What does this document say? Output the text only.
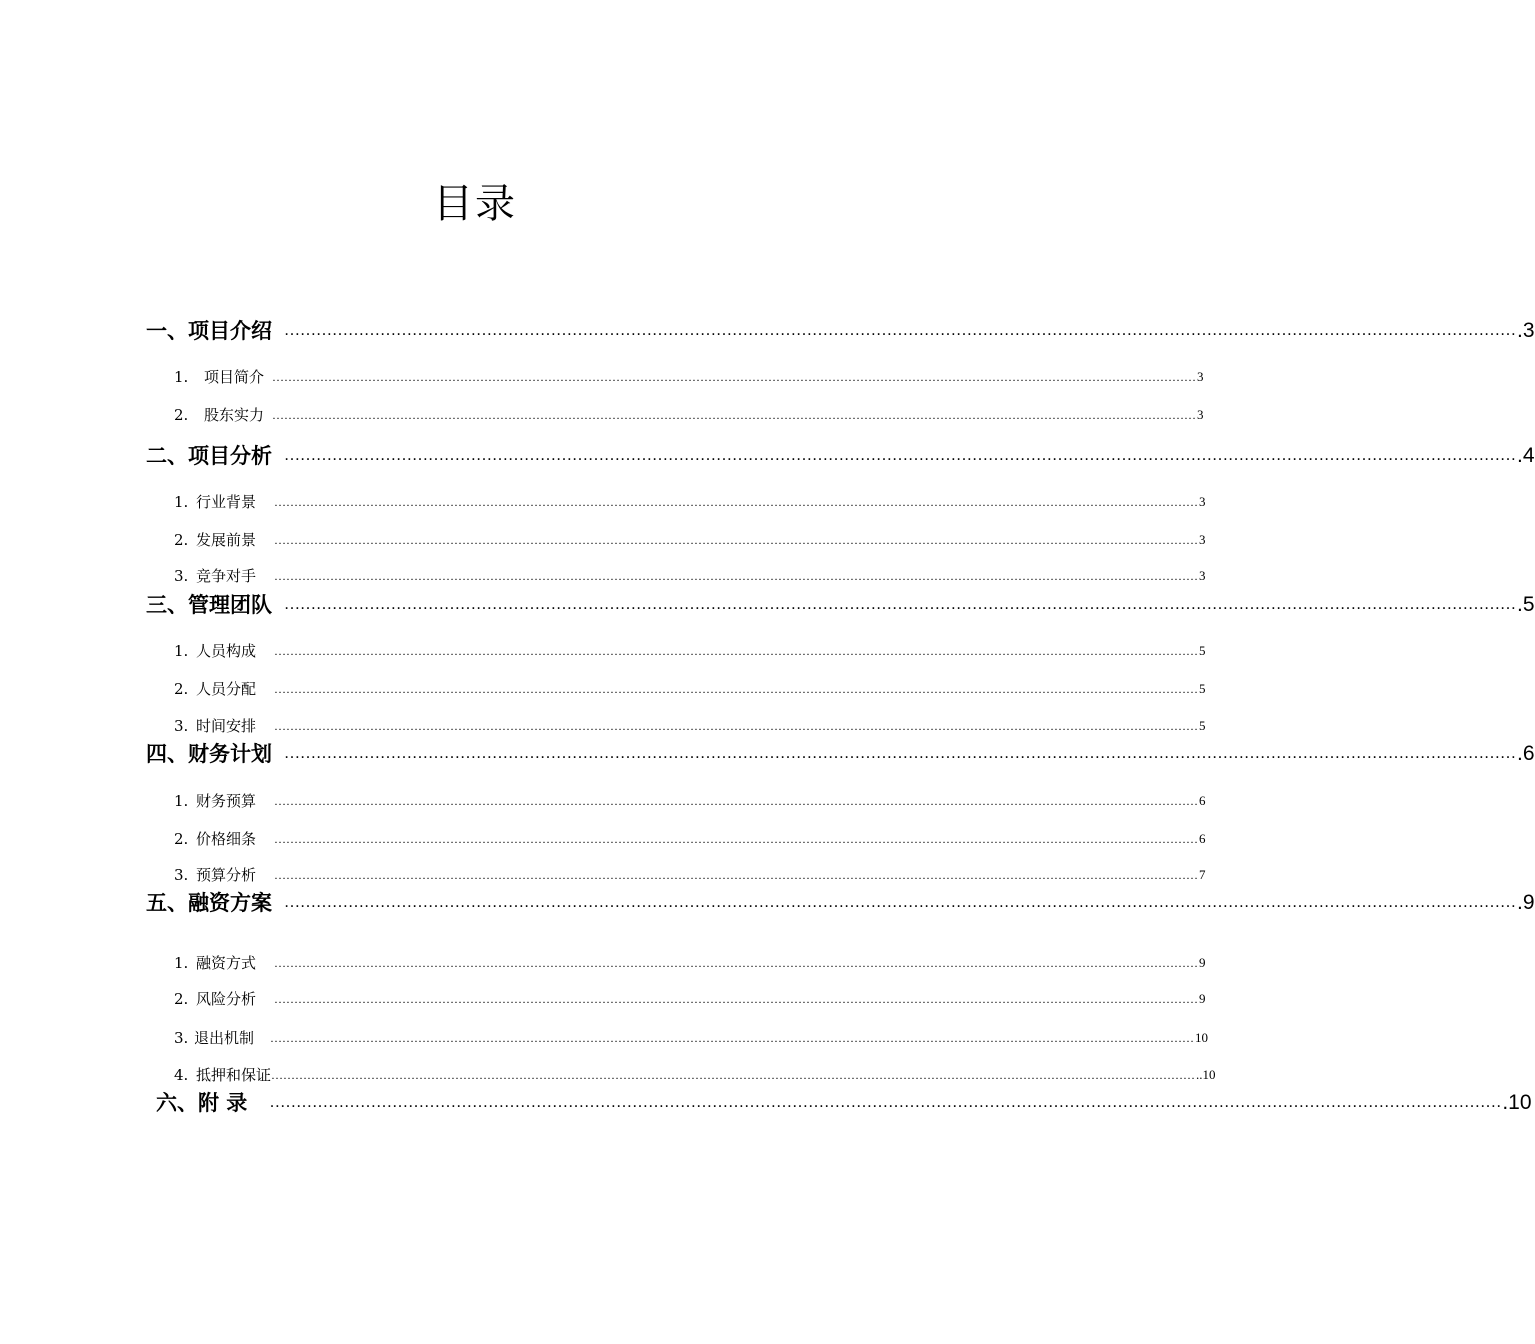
目录
一、项目介绍 …………………………………………………………………………………………………………………………………………………………………………………………………………… .3
1. 项目简介 …………………………………………………………………………………………………………………………………………………………………………………………………………… 3
2. 股东实力 …………………………………………………………………………………………………………………………………………………………………………………………………………… 3
二、项目分析 …………………………………………………………………………………………………………………………………………………………………………………………………………… .4
1. 行业背景 …………………………………………………………………………………………………………………………………………………………………………………………………………… 3
2. 发展前景 …………………………………………………………………………………………………………………………………………………………………………………………………………… 3
3. 竞争对手 …………………………………………………………………………………………………………………………………………………………………………………………………………… 3
三、管理团队 …………………………………………………………………………………………………………………………………………………………………………………………………………… .5
1. 人员构成 …………………………………………………………………………………………………………………………………………………………………………………………………………… 5
2. 人员分配 …………………………………………………………………………………………………………………………………………………………………………………………………………… 5
3. 时间安排 …………………………………………………………………………………………………………………………………………………………………………………………………………… 5
四、财务计划 …………………………………………………………………………………………………………………………………………………………………………………………………………… .6
1. 财务预算 …………………………………………………………………………………………………………………………………………………………………………………………………………… 6
2. 价格细条 …………………………………………………………………………………………………………………………………………………………………………………………………………… 6
3. 预算分析 …………………………………………………………………………………………………………………………………………………………………………………………………………… 7
五、融资方案 …………………………………………………………………………………………………………………………………………………………………………………………………………… .9
1. 融资方式 …………………………………………………………………………………………………………………………………………………………………………………………………………… 9
2. 风险分析 …………………………………………………………………………………………………………………………………………………………………………………………………………… 9
3. 退出机制 …………………………………………………………………………………………………………………………………………………………………………………………………………… 10
4. 抵押和保证 …………………………………………………………………………………………………………………………………………………………………………………………………………… ..10
六、附 录 …………………………………………………………………………………………………………………………………………………………………………………………………………… .10
